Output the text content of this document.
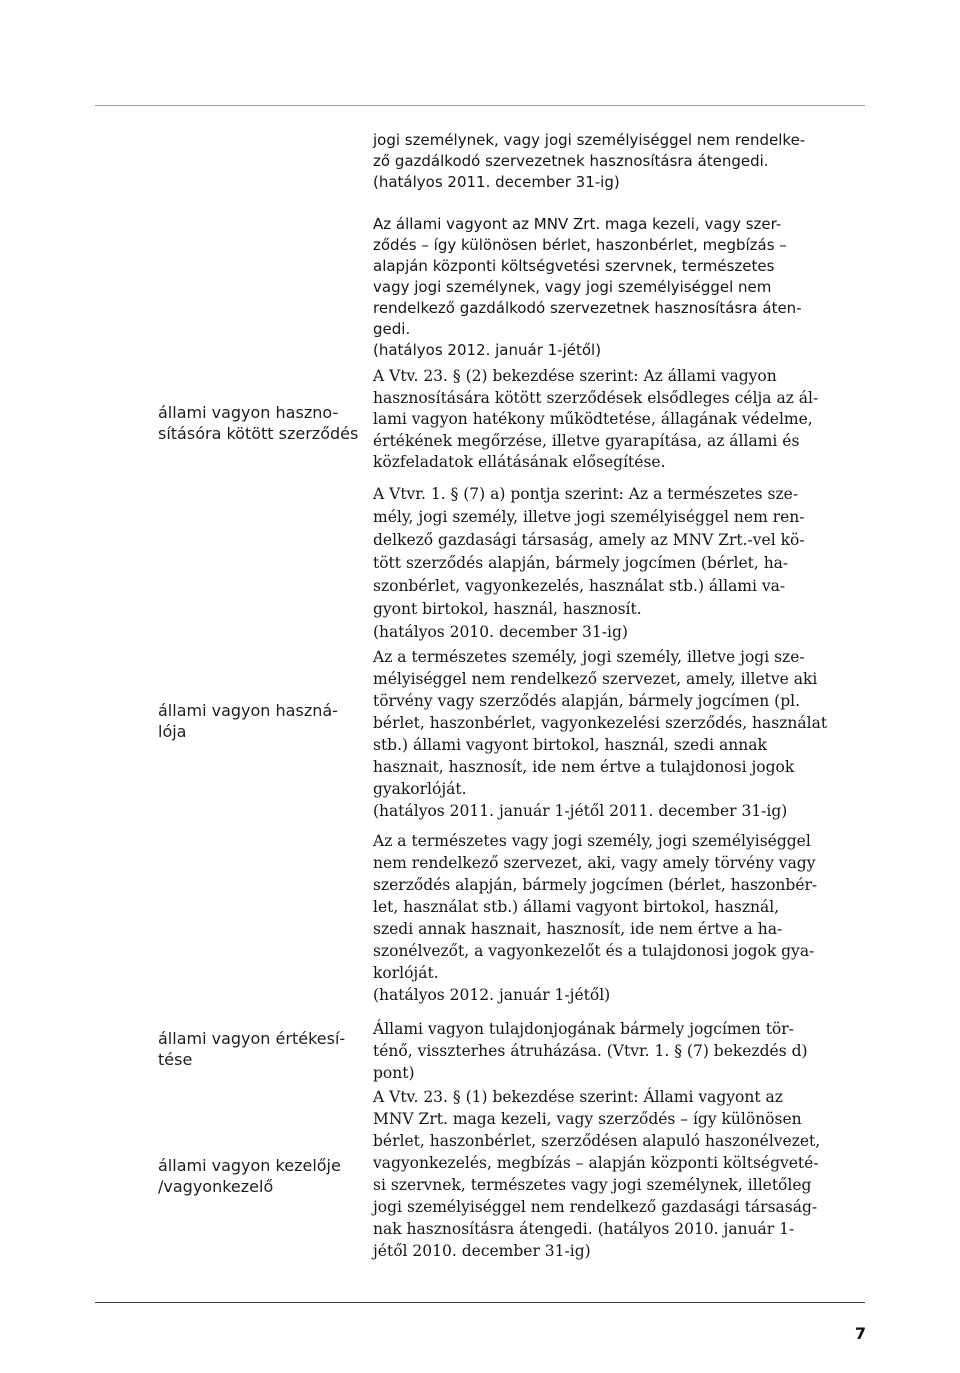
állami vagyon haszno-
sításóra kötött szerződés
állami vagyon haszná-
lója
állami vagyon értékesí-
tése
állami vagyon kezelője
/vagyonkezelő
jogi személynek, vagy jogi személyiséggel nem rendelke-
ző gazdálkodó szervezetnek hasznosításra átengedi.
(hatályos 2011. december 31-ig)
Az állami vagyont az MNV Zrt. maga kezeli, vagy szer-
ződés – így különösen bérlet, haszonbérlet, megbízás –
alapján központi költségvetési szervnek, természetes
vagy jogi személynek, vagy jogi személyiséggel nem
rendelkező gazdálkodó szervezetnek hasznosításra áten-
gedi.
(hatályos 2012. január 1-jétől)
A Vtv. 23. § (2) bekezdése szerint: Az állami vagyon
hasznosítására kötött szerződések elsődleges célja az ál-
lami vagyon hatékony működtetése, állagának védelme,
értékének megőrzése, illetve gyarapítása, az állami és
közfeladatok ellátásának elősegítése.
A Vtvr. 1. § (7) a) pontja szerint: Az a természetes sze-
mély, jogi személy, illetve jogi személyiséggel nem ren-
delkező gazdasági társaság, amely az MNV Zrt.-vel kö-
tött szerződés alapján, bármely jogcímen (bérlet, ha-
szonbérlet, vagyonkezelés, használat stb.) állami va-
gyont birtokol, használ, hasznosít.
(hatályos 2010. december 31-ig)
Az a természetes személy, jogi személy, illetve jogi sze-
mélyiséggel nem rendelkező szervezet, amely, illetve aki
törvény vagy szerződés alapján, bármely jogcímen (pl.
bérlet, haszonbérlet, vagyonkezelési szerződés, használat
stb.) állami vagyont birtokol, használ, szedi annak
hasznait, hasznosít, ide nem értve a tulajdonosi jogok
gyakorlóját.
(hatályos 2011. január 1-jétől 2011. december 31-ig)
Az a természetes vagy jogi személy, jogi személyiséggel
nem rendelkező szervezet, aki, vagy amely törvény vagy
szerződés alapján, bármely jogcímen (bérlet, haszonbér-
let, használat stb.) állami vagyont birtokol, használ,
szedi annak hasznait, hasznosít, ide nem értve a ha-
szonélvezőt, a vagyonkezelőt és a tulajdonosi jogok gya-
korlóját.
(hatályos 2012. január 1-jétől)
Állami vagyon tulajdonjogának bármely jogcímen tör-
ténő, visszterhes átruházása. (Vtvr. 1. § (7) bekezdés d)
pont)
A Vtv. 23. § (1) bekezdése szerint: Állami vagyont az
MNV Zrt. maga kezeli, vagy szerződés – így különösen
bérlet, haszonbérlet, szerződésen alapuló haszonélvezet,
vagyonkezelés, megbízás – alapján központi költségveté-
si szervnek, természetes vagy jogi személynek, illetőleg
jogi személyiséggel nem rendelkező gazdasági társaság-
nak hasznosításra átengedi. (hatályos 2010. január 1-
jétől 2010. december 31-ig)
7
